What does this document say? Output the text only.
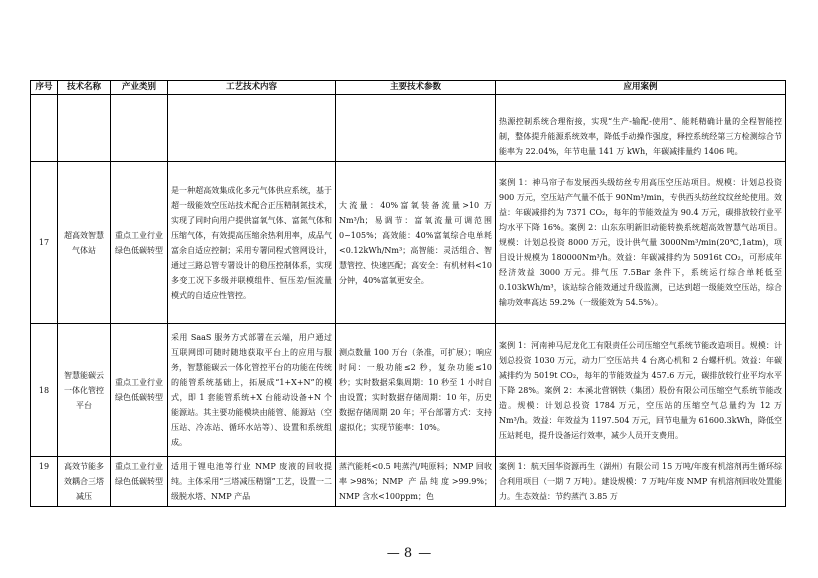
序号	技术名称	产业类别	工艺技术内容	主要技术参数	应用案例
					热源控制系统合理衔接，实现“生产-输配-使用”、能耗精确计量的全程智能控制，整体提升能源系统效率，降低手动操作强度，释控系统经第三方检测综合节能率为 22.04%，年节电量 141 万 kWh，年碳减排量约 1406 吨。
17	超高效智慧气体站	重点工业行业绿色低碳转型	是一种超高效集成化多元气体供应系统，基于超一级能效空压站技术配合正压精制氮技术，实现了同时向用户提供富氧气体、富氮气体和压缩气体，有效提高压缩余热利用率，成品气富余自适应控制；采用专署同程式管网设计，通过三路总管专署设计的稳压控制体系，实现多变工况下多级并联模组件、恒压差/恒流量模式的自适应性管控。	大流量：40%富氧装备流量>10 万 Nm³/h；易调节：富氧流量可调范围 0~105%；高效能：40%富氧综合电单耗<0.12kWh/Nm³；高智能：灵活组合、智慧管控、快速匹配；高安全：有机材料<10 分钟，40%富氧更安全。	案例 1：神马帘子布发展西头级纺丝专用高压空压站项目。规模：计划总投资 900 万元，空压站产气量不低于 90Nm³/min，专供西头纺丝纹纹丝纶使用。效益：年碳减排约为 7371 CO₂，每年的节能效益为 90.4 万元，碳排放较行业平均水平下降 16%。案例 2：山东东明新旧动能转换系统超高效智慧气站项目。规模：计划总投资 8000 万元，设计供气量 3000Nm³/min(20℃,1atm)，项目设计规模为 180000Nm³/h。效益：年碳减排约为 50916t CO₂，可形成年经济效益 3000 万元。排气压 7.5Bar 条件下，系统运行综合单耗低至 0.103kWh/m³，该站综合能效通过升级监测，已达到超一级能效空压站，综合输功效率高达 59.2%（一级能效为 54.5%）。
18	智慧能碳云一体化管控平台	重点工业行业绿色低碳转型	采用 SaaS 服务方式部署在云端，用户通过互联网即可随时随地获取平台上的应用与服务，智慧能碳云一体化管控平台的功能在传统的能管系统基础上，拓展成“1+X+N”的模式，即 1 套能管系统+X 台能动设备+N 个能源站。其主要功能模块由能管、能源站（空压站、冷冻站、循环水站等）、设置和系统组成。	测点数量 100 万台（条准，可扩展）；响应时间：一般功能≤2 秒，复杂功能≤10 秒；实时数据采集周期：10 秒至 1 小时自由设置；实时数据存储周期：10 年，历史数据存储周期 20 年；平台部署方式：支持虚拟化；实现节能率：10%。	案例 1：河南神马尼龙化工有限责任公司压缩空气系统节能改造项目。规模：计划总投资 1030 万元，动力厂空压站共 4 台离心机和 2 台螺杆机。效益：年碳减排约为 5019t CO₂，每年的节能效益为 457.6 万元，碳排放较行业平均水平下降 28%。案例 2：本溪北营钢铁（集团）股份有限公司压缩空气系统节能改造。规模：计划总投资 1784 万元，空压站的压缩空气总量约为 12 万 Nm³/h。效益：年效益为 1197.504 万元，回节电量为 61600.3kWh，降低空压站耗电，提升设备运行效率，减少人员开支费用。
19	高效节能多效耦合三塔减压	重点工业行业绿色低碳转型	适用于锂电池等行业 NMP 废液的回收提纯。主体采用“三塔减压精馏”工艺，设置一二级脱水塔、NMP 产品	蒸汽能耗<0.5 吨蒸汽/吨原料；NMP 回收率>98%；NMP 产品纯度>99.9%；NMP 含水<100ppm；色	案例 1：航天国华资源再生（湖州）有限公司 15 万吨/年废有机溶剂再生循环综合利用项目（一期 7 万吨）。建设规模：7 万吨/年废 NMP 有机溶剂回收处置能力。生态效益：节约蒸汽 3.85 万
— 8 —
